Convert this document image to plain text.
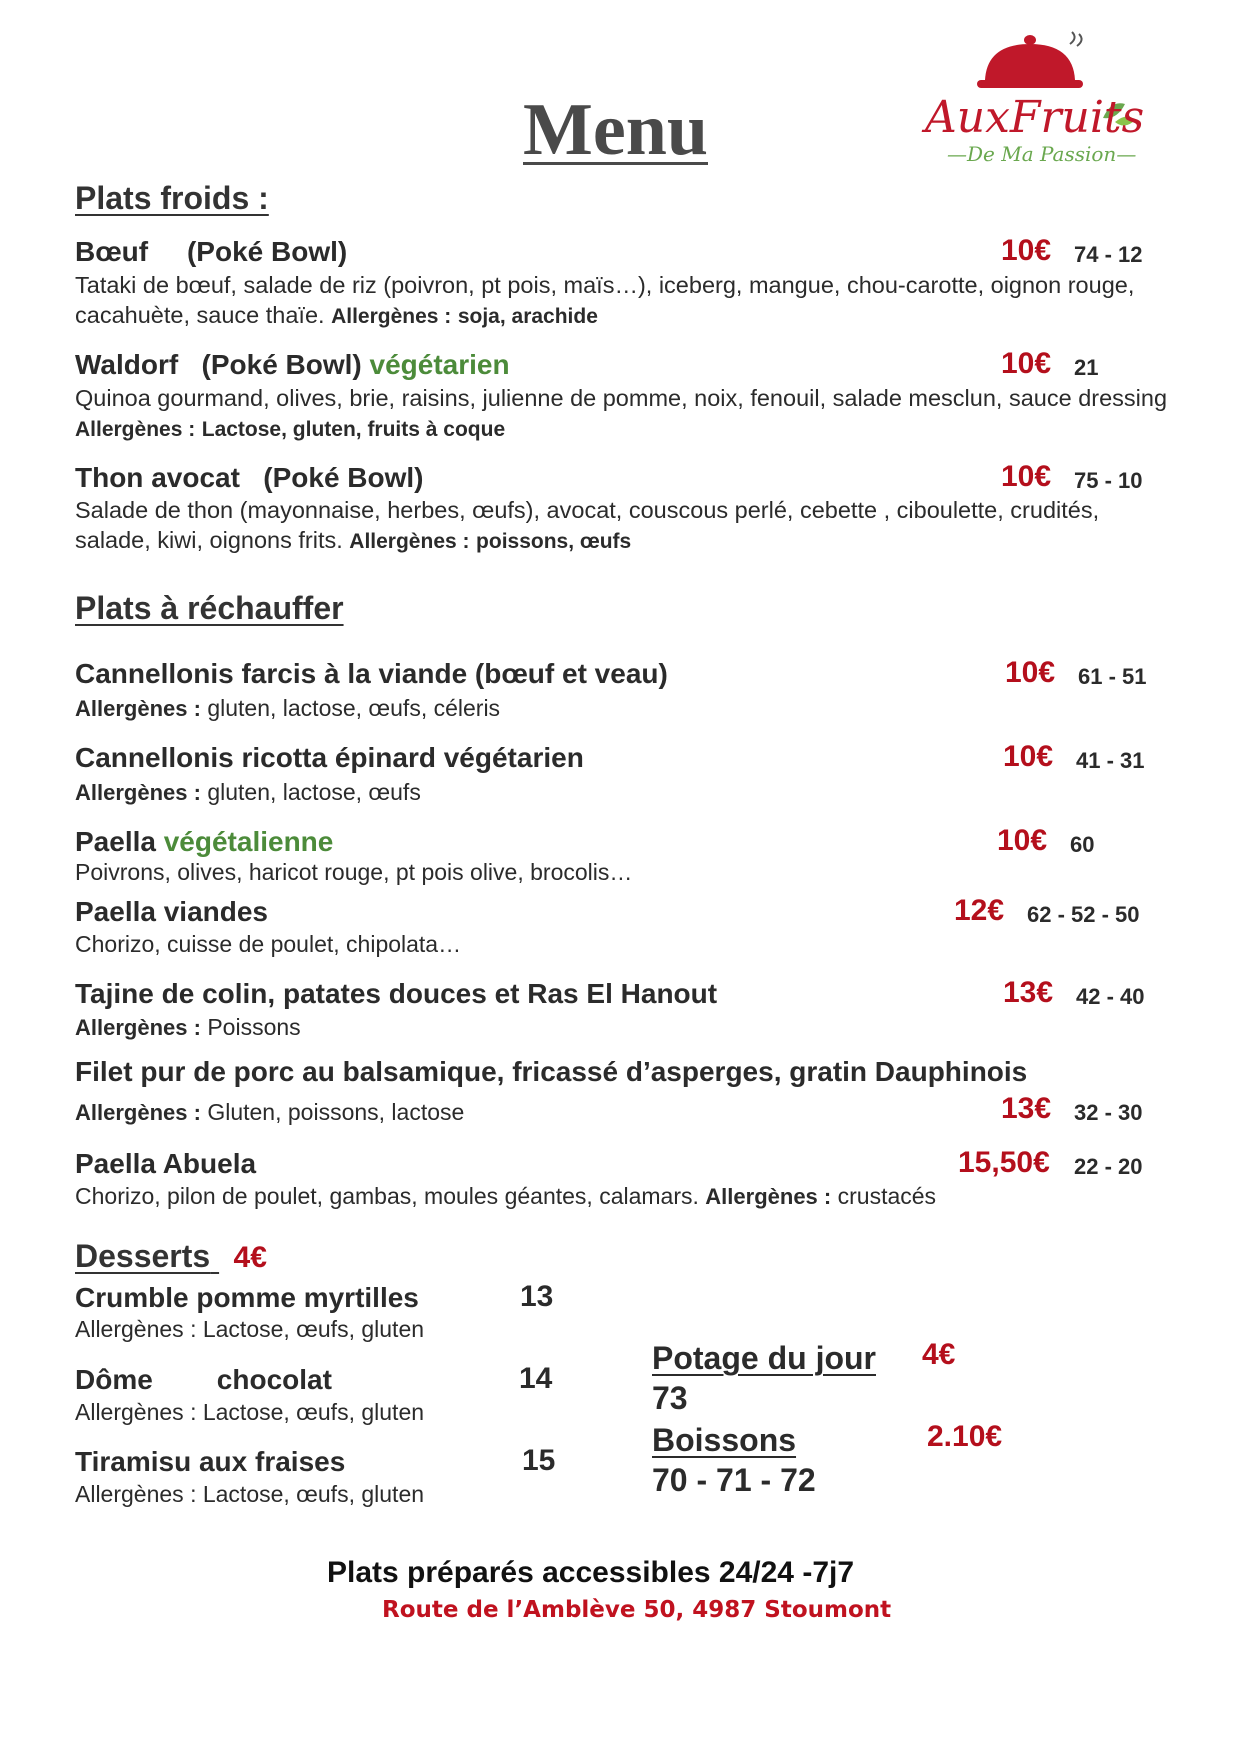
Menu	AuxFruits
—De Ma Passion—
Plats froids :
Bœuf (Poké Bowl)	10€ 74 - 12
Tataki de bœuf, salade de riz (poivron, pt pois, maïs…), iceberg, mangue, chou-carotte, oignon rouge, cacahuète, sauce thaïe. Allergènes : soja, arachide
Waldorf (Poké Bowl) végétarien	10€ 21
Quinoa gourmand, olives, brie, raisins, julienne de pomme, noix, fenouil, salade mesclun, sauce dressing Allergènes : Lactose, gluten, fruits à coque
Thon avocat (Poké Bowl)	10€ 75 - 10
Salade de thon (mayonnaise, herbes, œufs), avocat, couscous perlé, cebette , ciboulette, crudités, salade, kiwi, oignons frits. Allergènes : poissons, œufs
Plats à réchauffer
Cannellonis farcis à la viande (bœuf et veau)	10€ 61 - 51
Allergènes : gluten, lactose, œufs, céleris
Cannellonis ricotta épinard végétarien	10€ 41 - 31
Allergènes : gluten, lactose, œufs
Paella végétalienne	10€ 60
Poivrons, olives, haricot rouge, pt pois olive, brocolis…
Paella viandes	12€ 62 - 52 - 50
Chorizo, cuisse de poulet, chipolata…
Tajine de colin, patates douces et Ras El Hanout	13€ 42 - 40
Allergènes : Poissons
Filet pur de porc au balsamique, fricassé d’asperges, gratin Dauphinois
13€ 32 - 30
Allergènes : Gluten, poissons, lactose
Paella Abuela	15,50€ 22 - 20
Chorizo, pilon de poulet, gambas, moules géantes, calamars. Allergènes : crustacés
Desserts 4€
Crumble pomme myrtilles	13
Allergènes : Lactose, œufs, gluten
Dôme chocolat	14
Allergènes : Lactose, œufs, gluten
Tiramisu aux fraises	15
Allergènes : Lactose, œufs, gluten
Potage du jour 4€
73
Boissons	2.10€
70 - 71 - 72
Plats préparés accessibles 24/24 -7j7
Route de l’Amblève 50, 4987 Stoumont
